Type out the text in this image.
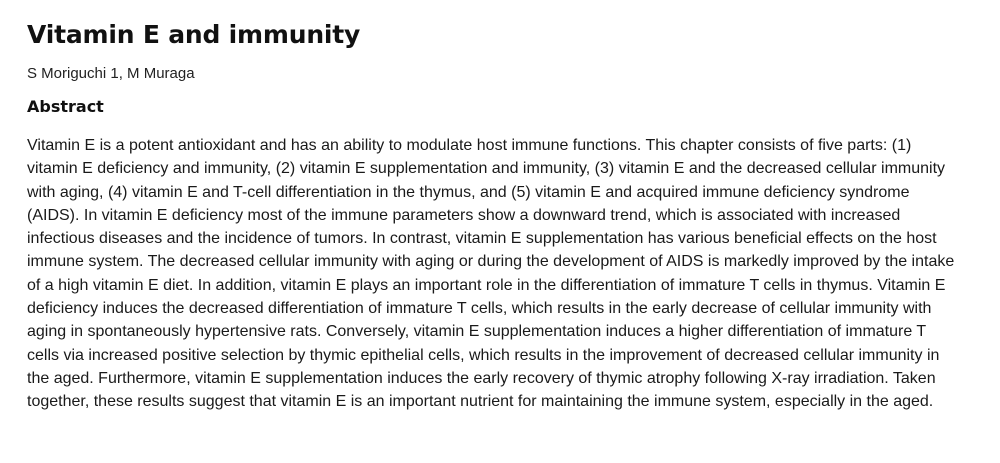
Vitamin E and immunity
S Moriguchi 1, M Muraga
Abstract

Vitamin E is a potent antioxidant and has an ability to modulate host immune functions. This chapter consists of five parts: (1) vitamin E deficiency and immunity, (2) vitamin E supplementation and immunity, (3) vitamin E and the decreased cellular immunity with aging, (4) vitamin E and T-cell differentiation in the thymus, and (5) vitamin E and acquired immune deficiency syndrome (AIDS). In vitamin E deficiency most of the immune parameters show a downward trend, which is associated with increased infectious diseases and the incidence of tumors. In contrast, vitamin E supplementation has various beneficial effects on the host immune system. The decreased cellular immunity with aging or during the development of AIDS is markedly improved by the intake of a high vitamin E diet. In addition, vitamin E plays an important role in the differentiation of immature T cells in thymus. Vitamin E deficiency induces the decreased differentiation of immature T cells, which results in the early decrease of cellular immunity with aging in spontaneously hypertensive rats. Conversely, vitamin E supplementation induces a higher differentiation of immature T cells via increased positive selection by thymic epithelial cells, which results in the improvement of decreased cellular immunity in the aged. Furthermore, vitamin E supplementation induces the early recovery of thymic atrophy following X-ray irradiation. Taken together, these results suggest that vitamin E is an important nutrient for maintaining the immune system, especially in the aged.
